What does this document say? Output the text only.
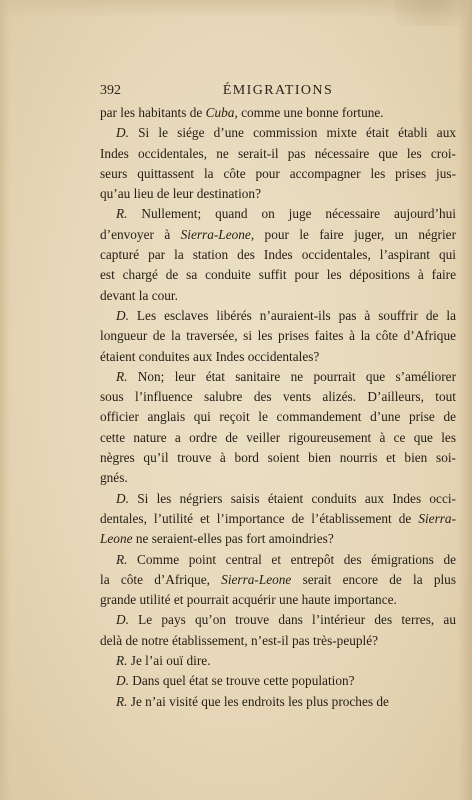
392	ÉMIGRATIONS
par les habitants de Cuba, comme une bonne fortune.
D. Si le siége d’une commission mixte était établi aux
Indes occidentales, ne serait-il pas nécessaire que les croi-
seurs quittassent la côte pour accompagner les prises jus-
qu’au lieu de leur destination?
R. Nullement; quand on juge nécessaire aujourd’hui
d’envoyer à Sierra-Leone, pour le faire juger, un négrier
capturé par la station des Indes occidentales, l’aspirant qui
est chargé de sa conduite suffit pour les dépositions à faire
devant la cour.
D. Les esclaves libérés n’auraient-ils pas à souffrir de la
longueur de la traversée, si les prises faites à la côte d’Afrique
étaient conduites aux Indes occidentales?
R. Non; leur état sanitaire ne pourrait que s’améliorer
sous l’influence salubre des vents alizés. D’ailleurs, tout
officier anglais qui reçoit le commandement d’une prise de
cette nature a ordre de veiller rigoureusement à ce que les
nègres qu’il trouve à bord soient bien nourris et bien soi-
gnés.
D. Si les négriers saisis étaient conduits aux Indes occi-
dentales, l’utilité et l’importance de l’établissement de Sierra-
Leone ne seraient-elles pas fort amoindries?
R. Comme point central et entrepôt des émigrations de
la côte d’Afrique, Sierra-Leone serait encore de la plus
grande utilité et pourrait acquérir une haute importance.
D. Le pays qu’on trouve dans l’intérieur des terres, au
delà de notre établissement, n’est-il pas très-peuplé?
R. Je l’ai ouï dire.
D. Dans quel état se trouve cette population?
R. Je n’ai visité que les endroits les plus proches de
